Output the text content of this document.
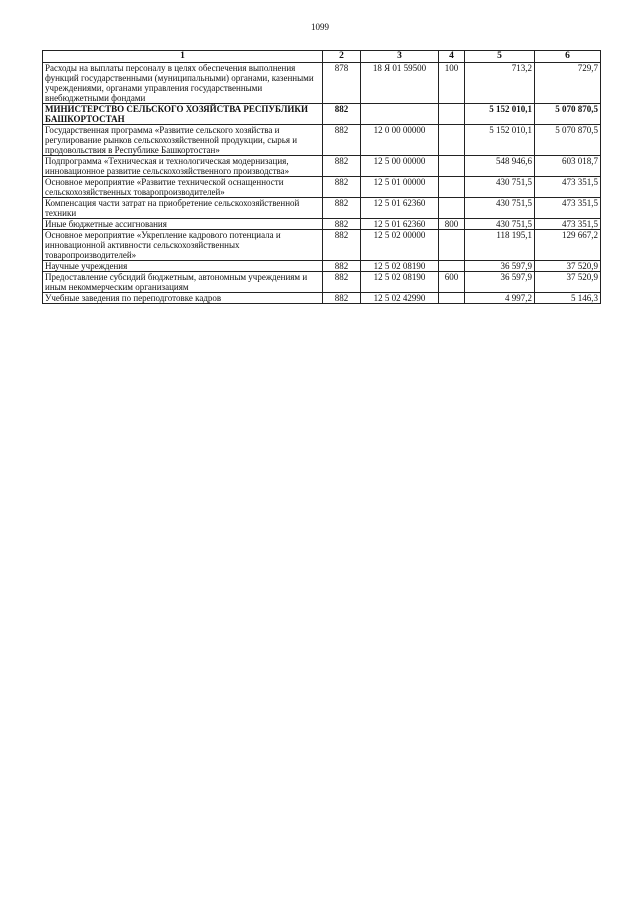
1099
1	2	3	4	5	6
Расходы на выплаты персоналу в целях обеспечения выполнения функций государственными (муниципальными) органами, казенными учреждениями, органами управления государственными внебюджетными фондами	878	18 Я 01 59500	100	713,2	729,7
МИНИСТЕРСТВО СЕЛЬСКОГО ХОЗЯЙСТВА РЕСПУБЛИКИ БАШКОРТОСТАН	882			5 152 010,1	5 070 870,5
Государственная программа «Развитие сельского хозяйства и регулирование рынков сельскохозяйственной продукции, сырья и продовольствия в Республике Башкортостан»	882	12 0 00 00000		5 152 010,1	5 070 870,5
Подпрограмма «Техническая и технологическая модернизация, инновационное развитие сельскохозяйственного производства»	882	12 5 00 00000		548 946,6	603 018,7
Основное мероприятие «Развитие технической оснащенности сельскохозяйственных товаропроизводителей»	882	12 5 01 00000		430 751,5	473 351,5
Компенсация части затрат на приобретение сельскохозяйственной техники	882	12 5 01 62360		430 751,5	473 351,5
Иные бюджетные ассигнования	882	12 5 01 62360	800	430 751,5	473 351,5
Основное мероприятие «Укрепление кадрового потенциала и инновационной активности сельскохозяйственных товаропроизводителей»	882	12 5 02 00000		118 195,1	129 667,2
Научные учреждения	882	12 5 02 08190		36 597,9	37 520,9
Предоставление субсидий бюджетным, автономным учреждениям и иным некоммерческим организациям	882	12 5 02 08190	600	36 597,9	37 520,9
Учебные заведения по переподготовке кадров	882	12 5 02 42990		4 997,2	5 146,3
